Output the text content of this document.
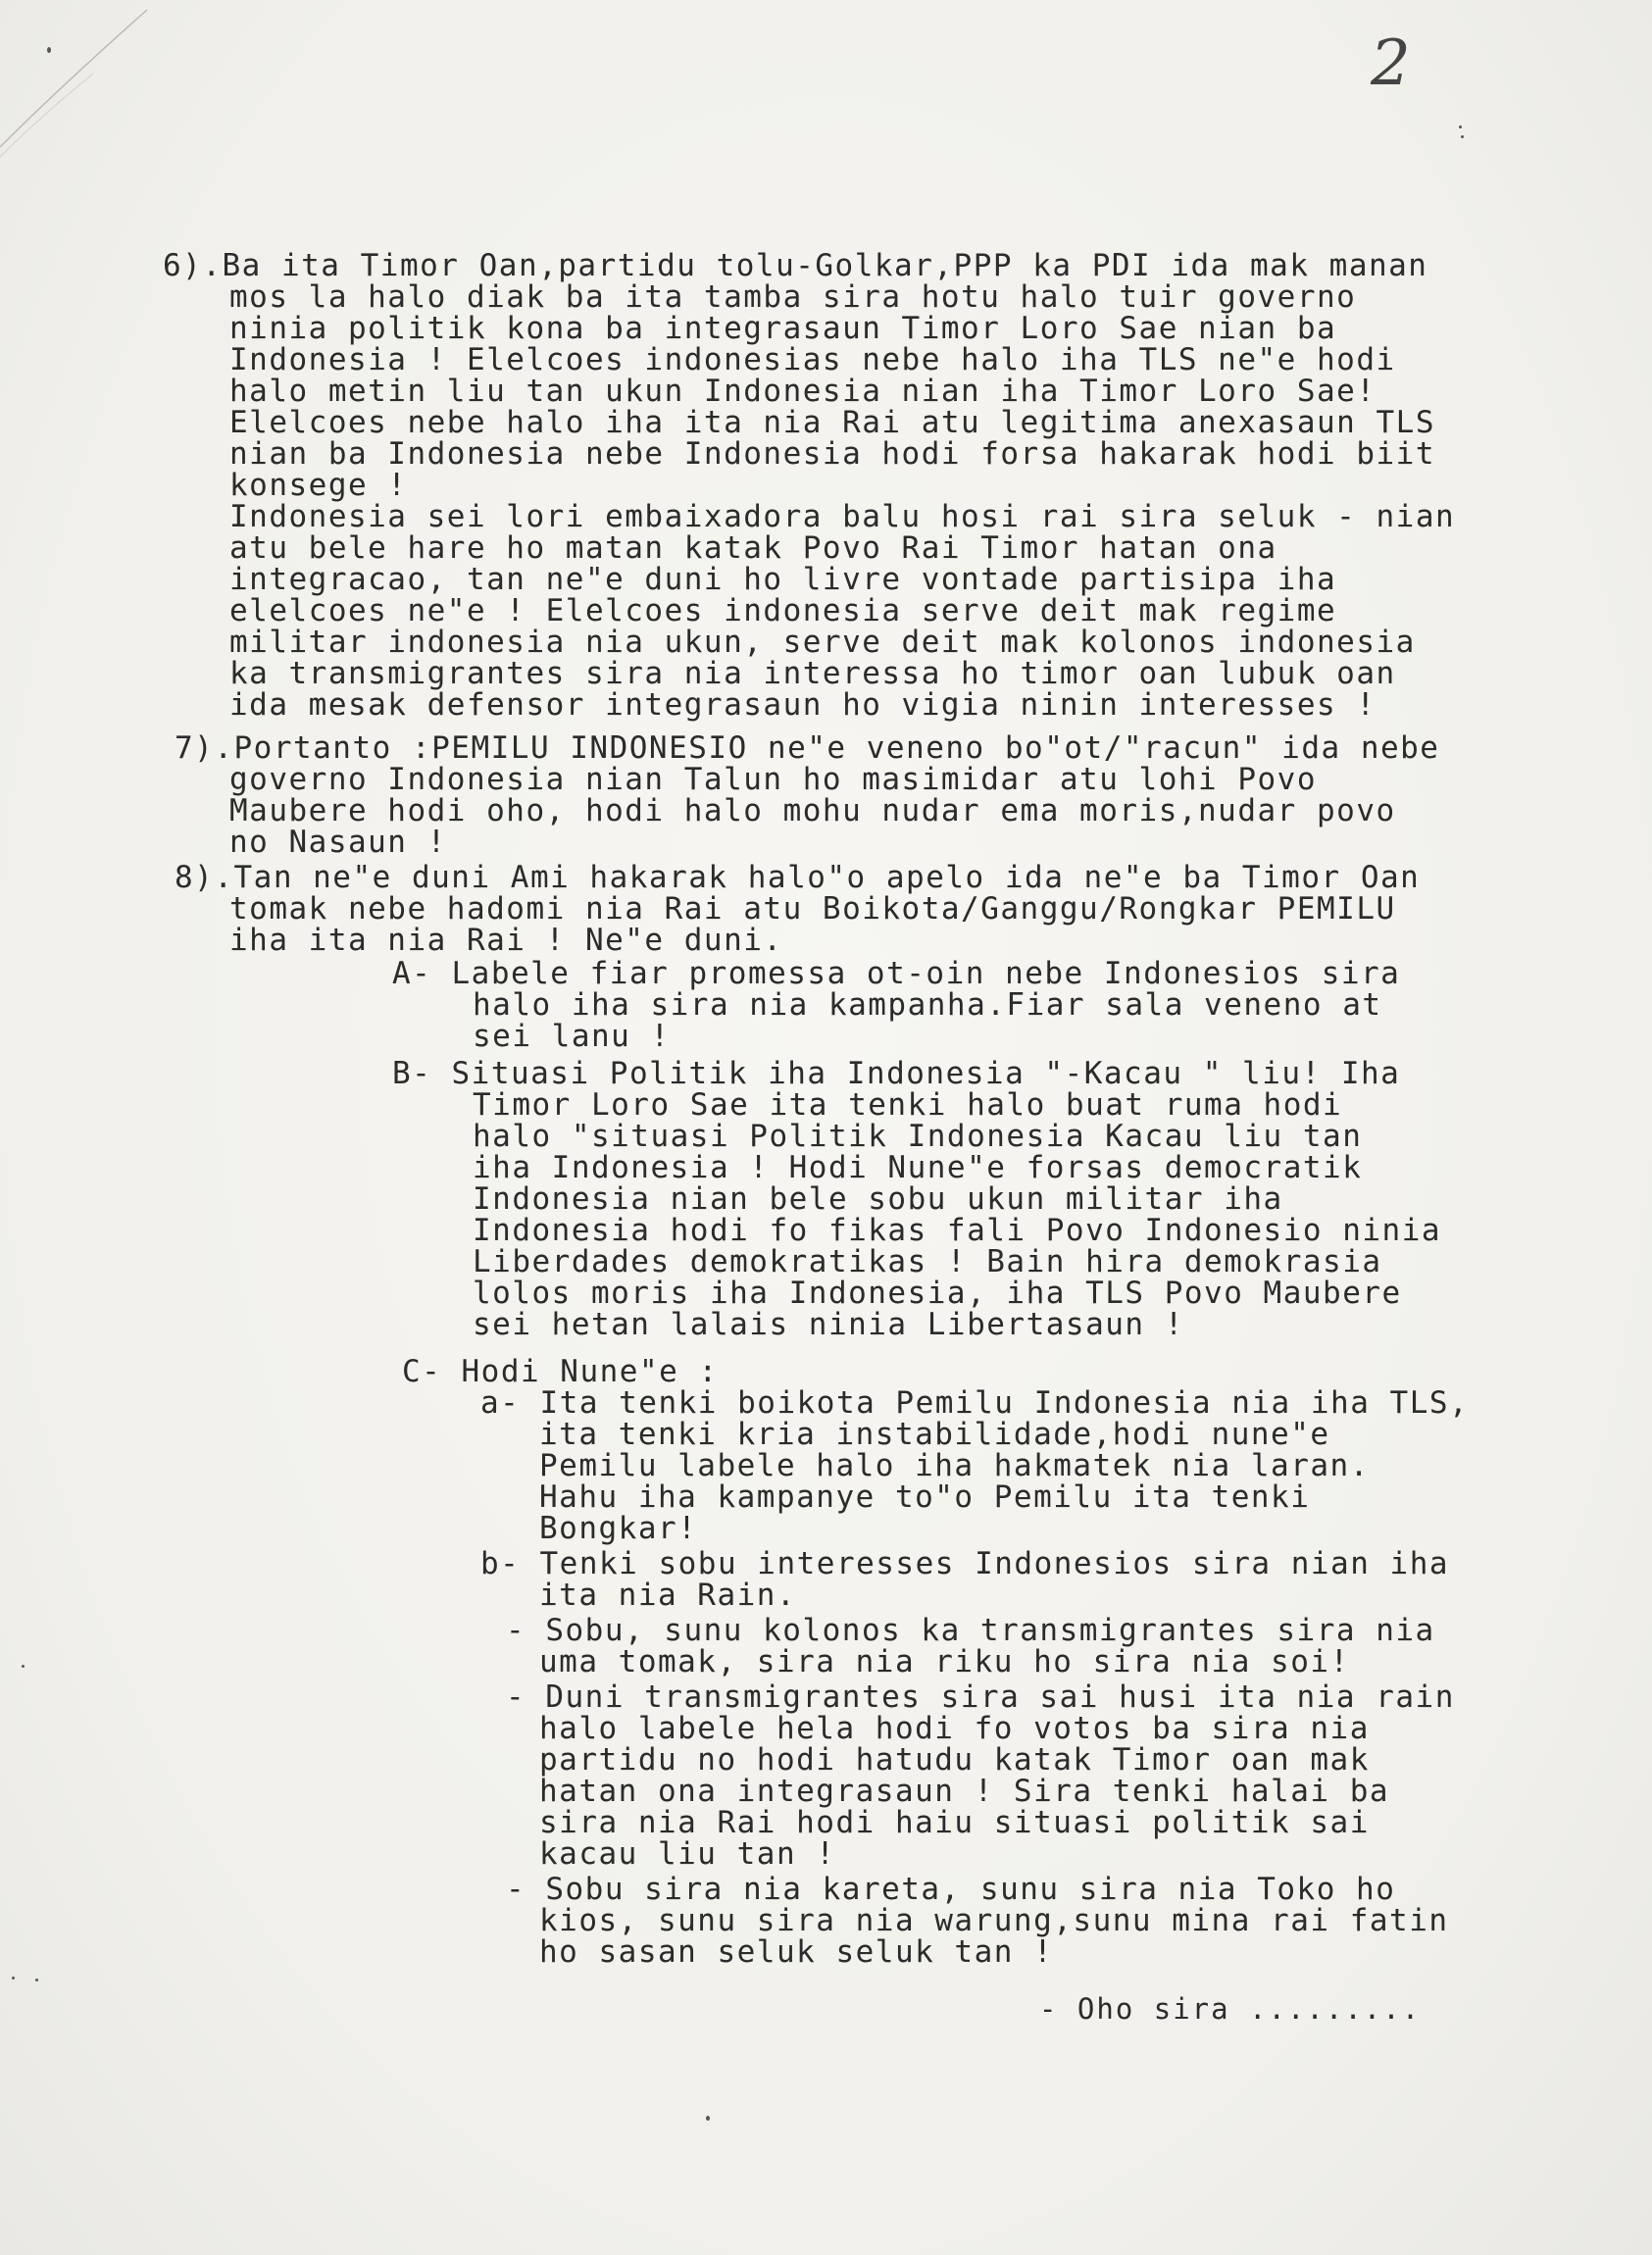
2

6).Ba ita Timor Oan,partidu tolu-Golkar,PPP ka PDI ida mak manan

mos la halo diak ba ita tamba sira hotu halo tuir governo

ninia politik kona ba integrasaun Timor Loro Sae nian ba

Indonesia ! Elelcoes indonesias nebe halo iha TLS ne"e hodi

halo metin liu tan ukun Indonesia nian iha Timor Loro Sae!

Elelcoes nebe halo iha ita nia Rai atu legitima anexasaun TLS

nian ba Indonesia nebe Indonesia hodi forsa hakarak hodi biit

konsege !

Indonesia sei lori embaixadora balu hosi rai sira seluk - nian

atu bele hare ho matan katak Povo Rai Timor hatan ona

integracao, tan ne"e duni ho livre vontade partisipa iha

elelcoes ne"e ! Elelcoes indonesia serve deit mak regime

militar indonesia nia ukun, serve deit mak kolonos indonesia

ka transmigrantes sira nia interessa ho timor oan lubuk oan

ida mesak defensor integrasaun ho vigia ninin interesses !

7).Portanto :PEMILU INDONESIO ne"e veneno bo"ot/"racun" ida nebe

governo Indonesia nian Talun ho masimidar atu lohi Povo

Maubere hodi oho, hodi halo mohu nudar ema moris,nudar povo

no Nasaun !

8).Tan ne"e duni Ami hakarak halo"o apelo ida ne"e ba Timor Oan

tomak nebe hadomi nia Rai atu Boikota/Ganggu/Rongkar PEMILU

iha ita nia Rai ! Ne"e duni.

A- Labele fiar promessa ot-oin nebe Indonesios sira

halo iha sira nia kampanha.Fiar sala veneno at

sei lanu !

B- Situasi Politik iha Indonesia "-Kacau " liu! Iha

Timor Loro Sae ita tenki halo buat ruma hodi

halo "situasi Politik Indonesia Kacau liu tan

iha Indonesia ! Hodi Nune"e forsas democratik

Indonesia nian bele sobu ukun militar iha

Indonesia hodi fo fikas fali Povo Indonesio ninia

Liberdades demokratikas ! Bain hira demokrasia

lolos moris iha Indonesia, iha TLS Povo Maubere

sei hetan lalais ninia Libertasaun !

C- Hodi Nune"e :

a- Ita tenki boikota Pemilu Indonesia nia iha TLS,

ita tenki kria instabilidade,hodi nune"e

Pemilu labele halo iha hakmatek nia laran.

Hahu iha kampanye to"o Pemilu ita tenki

Bongkar!

b- Tenki sobu interesses Indonesios sira nian iha

ita nia Rain.

- Sobu, sunu kolonos ka transmigrantes sira nia

uma tomak, sira nia riku ho sira nia soi!

- Duni transmigrantes sira sai husi ita nia rain

halo labele hela hodi fo votos ba sira nia

partidu no hodi hatudu katak Timor oan mak

hatan ona integrasaun ! Sira tenki halai ba

sira nia Rai hodi haiu situasi politik sai

kacau liu tan !

- Sobu sira nia kareta, sunu sira nia Toko ho

kios, sunu sira nia warung,sunu mina rai fatin

ho sasan seluk seluk tan !

- Oho sira .........
